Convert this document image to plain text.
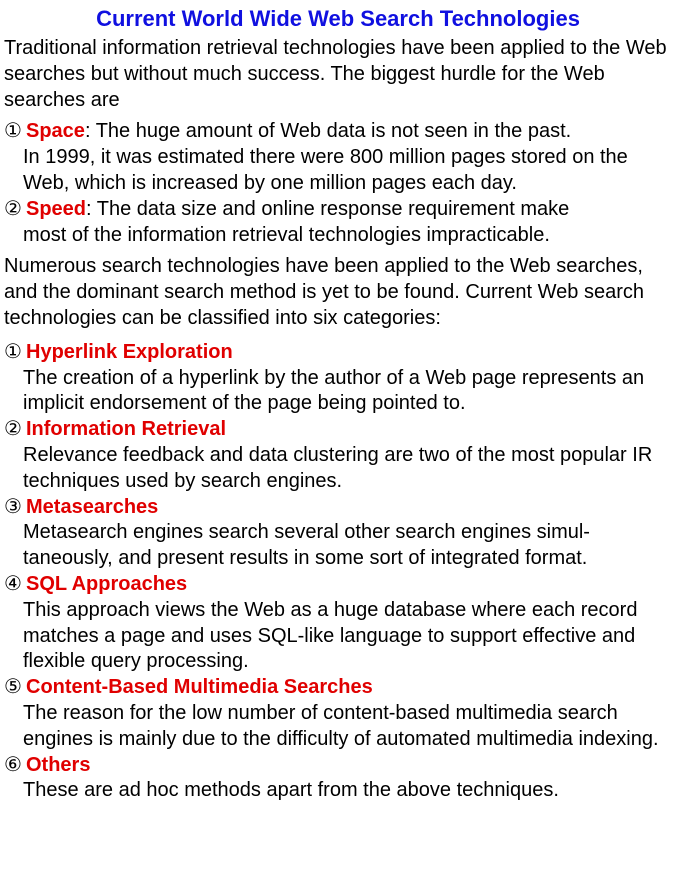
Current World Wide Web Search Technologies

Traditional information retrieval technologies have been applied to the Web searches but without much success. The biggest hurdle for the Web searches are

① Space: The huge amount of Web data is not seen in the past.
In 1999, it was estimated there were 800 million pages stored on the Web, which is increased by one million pages each day.
② Speed: The data size and online response requirement make
most of the information retrieval technologies impracticable.

Numerous search technologies have been applied to the Web searches, and the dominant search method is yet to be found. Current Web search technologies can be classified into six categories:

① Hyperlink Exploration
The creation of a hyperlink by the author of a Web page represents an implicit endorsement of the page being pointed to.
② Information Retrieval
Relevance feedback and data clustering are two of the most popular IR techniques used by search engines.
③ Metasearches
Metasearch engines search several other search engines simul-taneously, and present results in some sort of integrated format.
④ SQL Approaches
This approach views the Web as a huge database where each record matches a page and uses SQL-like language to support effective and flexible query processing.
⑤ Content-Based Multimedia Searches
The reason for the low number of content-based multimedia search engines is mainly due to the difficulty of automated multimedia indexing.
⑥ Others
These are ad hoc methods apart from the above techniques.
